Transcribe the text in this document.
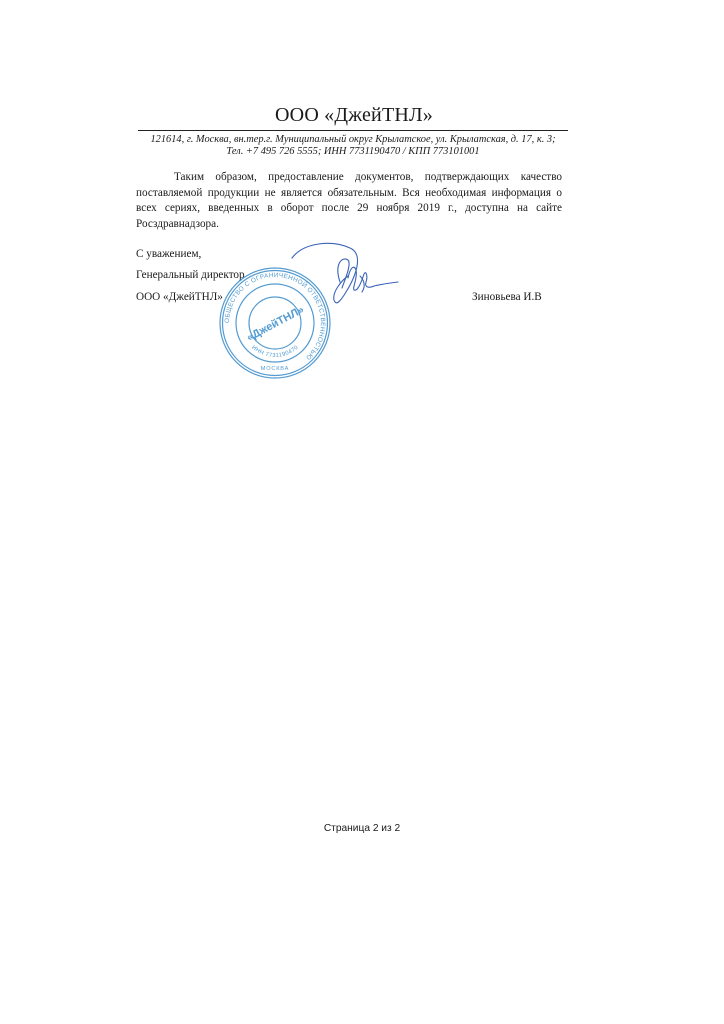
ООО «ДжейТНЛ»
121614, г. Москва, вн.тер.г. Муниципальный округ Крылатское, ул. Крылатская, д. 17, к. 3;
Тел. +7 495 726 5555; ИНН 7731190470 / КПП 773101001
Таким образом, предоставление документов, подтверждающих качество поставляемой продукции не является обязательным. Вся необходимая информация о всех сериях, введенных в оборот после 29 ноября 2019 г., доступна на сайте Росздравнадзора.
С уважением,
Генеральный директор
ООО «ДжейТНЛ»	Зиновьева И.В
ОБЩЕСТВО С ОГРАНИЧЕННОЙ ОТВЕТСТВЕННОСТЬЮ
ИНН 7731190470
«ДжейТНЛ»
МОСКВА
Страница 2 из 2
